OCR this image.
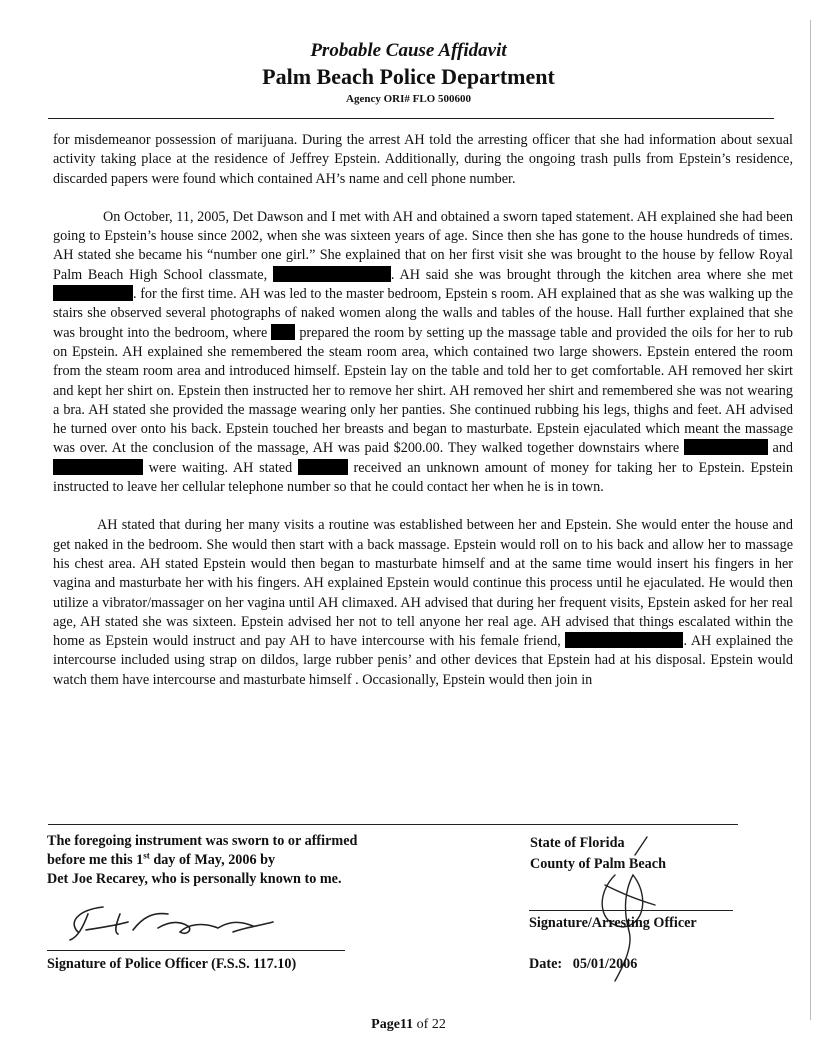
Probable Cause Affidavit
Palm Beach Police Department
Agency ORI# FLO 500600

for misdemeanor possession of marijuana. During the arrest AH told the arresting officer that she had information about sexual activity taking place at the residence of Jeffrey Epstein. Additionally, during the ongoing trash pulls from Epstein’s residence, discarded papers were found which contained AH’s name and cell phone number.

On October, 11, 2005, Det Dawson and I met with AH and obtained a sworn taped statement. AH explained she had been going to Epstein’s house since 2002, when she was sixteen years of age. Since then she has gone to the house hundreds of times. AH stated she became his “number one girl.” She explained that on her first visit she was brought to the house by fellow Royal Palm Beach High School classmate,	. AH said she was brought through the kitchen area where she met . for the first time. AH was led to the master bedroom, Epstein s room. AH explained that as she was walking up the stairs she observed several photographs of naked women along the walls and tables of the house. Hall further explained that she was brought into the bedroom, where  prepared the room by setting up the massage table and provided the oils for her to rub on Epstein. AH explained she remembered the steam room area, which contained two large showers. Epstein entered the room from the steam room area and introduced himself. Epstein lay on the table and told her to get comfortable. AH removed her skirt and kept her shirt on. Epstein then instructed her to remove her shirt. AH removed her shirt and remembered she was not wearing a bra. AH stated she provided the massage wearing only her panties. She continued rubbing his legs, thighs and feet. AH advised he turned over onto his back. Epstein touched her breasts and began to masturbate. Epstein ejaculated which meant the massage was over. At the conclusion of the massage, AH was paid $200.00. They walked together downstairs where	and  were waiting. AH stated	received an unknown amount of money for taking her to Epstein. Epstein instructed to leave her cellular telephone number so that he could contact her when he is in town.

AH stated that during her many visits a routine was established between her and Epstein. She would enter the house and get naked in the bedroom. She would then start with a back massage. Epstein would roll on to his back and allow her to massage his chest area. AH stated Epstein would then began to masturbate himself and at the same time would insert his fingers in her vagina and masturbate her with his fingers. AH explained Epstein would continue this process until he ejaculated. He would then utilize a vibrator/massager on her vagina until AH climaxed. AH advised that during her frequent visits, Epstein asked for her real age, AH stated she was sixteen. Epstein advised her not to tell anyone her real age. AH advised that things escalated within the home as Epstein would instruct and pay AH to have intercourse with his female friend,	. AH explained the intercourse included using strap on dildos, large rubber penis’ and other devices that Epstein had at his disposal. Epstein would watch them have intercourse and masturbate himself . Occasionally, Epstein would then join in

The foregoing instrument was sworn to or affirmed
before me this 1st day of May, 2006 by
Det Joe Recarey, who is personally known to me.
Signature of Police Officer (F.S.S. 117.10)
State of Florida
County of Palm Beach
Signature/Arresting Officer
Date: 05/01/2006
Page11 of 22
